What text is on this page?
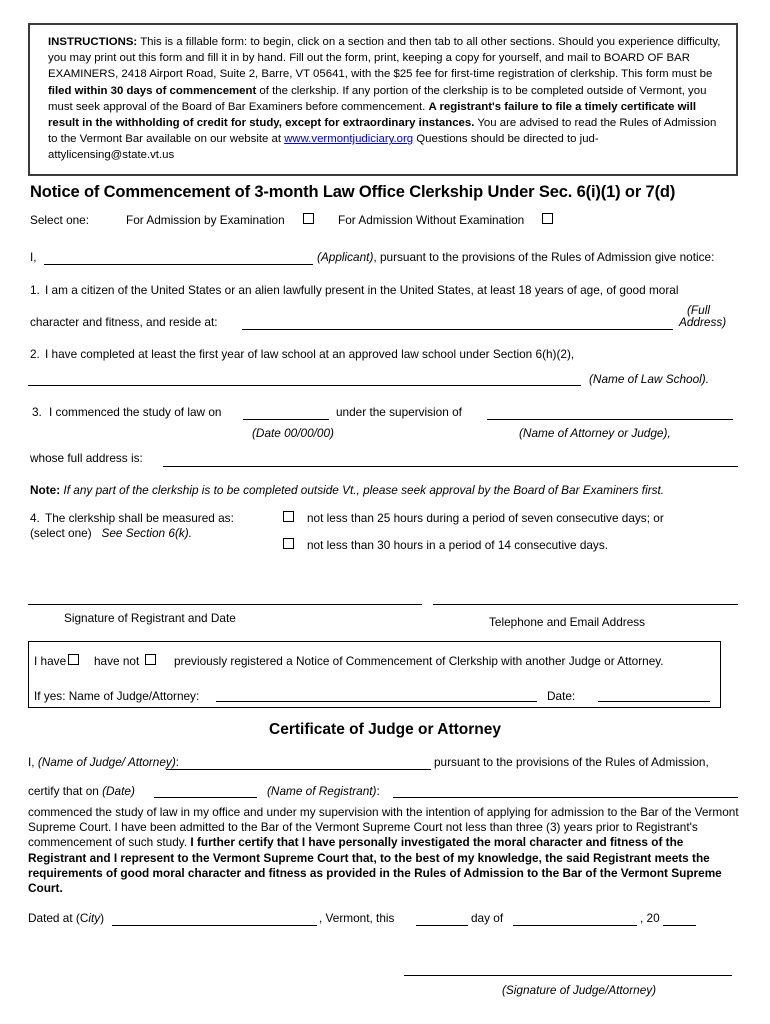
INSTRUCTIONS: This is a fillable form: to begin, click on a section and then tab to all other sections. Should you experience difficulty, you may print out this form and fill it in by hand. Fill out the form, print, keeping a copy for yourself, and mail to BOARD OF BAR EXAMINERS, 2418 Airport Road, Suite 2, Barre, VT 05641, with the $25 fee for first-time registration of clerkship. This form must be filed within 30 days of commencement of the clerkship. If any portion of the clerkship is to be completed outside of Vermont, you must seek approval of the Board of Bar Examiners before commencement. A registrant's failure to file a timely certificate will result in the withholding of credit for study, except for extraordinary instances. You are advised to read the Rules of Admission to the Vermont Bar available on our website at www.vermontjudiciary.org Questions should be directed to jud-attylicensing@state.vt.us
Notice of Commencement of 3-month Law Office Clerkship Under Sec. 6(i)(1) or 7(d)
Select one:	For Admission by Examination	For Admission Without Examination
I,	(Applicant), pursuant to the provisions of the Rules of Admission give notice:
1. I am a citizen of the United States or an alien lawfully present in the United States, at least 18 years of age, of good moral
(Full
character and fitness, and reside at:	Address)
2. I have completed at least the first year of law school at an approved law school under Section 6(h)(2),
(Name of Law School).
3. I commenced the study of law on	under the supervision of
(Date 00/00/00)	(Name of Attorney or Judge),
whose full address is:
Note: If any part of the clerkship is to be completed outside Vt., please seek approval by the Board of Bar Examiners first.
4. The clerkship shall be measured as:
(select one) See Section 6(k).
not less than 25 hours during a period of seven consecutive days; or
not less than 30 hours in a period of 14 consecutive days.
Signature of Registrant and Date	Telephone and Email Address
I have have not	previously registered a Notice of Commencement of Clerkship with another Judge or Attorney.
If yes: Name of Judge/Attorney:	Date:
Certificate of Judge or Attorney
I, (Name of Judge/ Attorney):	pursuant to the provisions of the Rules of Admission,
certify that on (Date)	(Name of Registrant):
commenced the study of law in my office and under my supervision with the intention of applying for admission to the Bar of the Vermont Supreme Court. I have been admitted to the Bar of the Vermont Supreme Court not less than three (3) years prior to Registrant's commencement of such study. I further certify that I have personally investigated the moral character and fitness of the Registrant and I represent to the Vermont Supreme Court that, to the best of my knowledge, the said Registrant meets the requirements of good moral character and fitness as provided in the Rules of Admission to the Bar of the Vermont Supreme Court.
Dated at (City)	, Vermont, this	day of	, 20
(Signature of Judge/Attorney)
